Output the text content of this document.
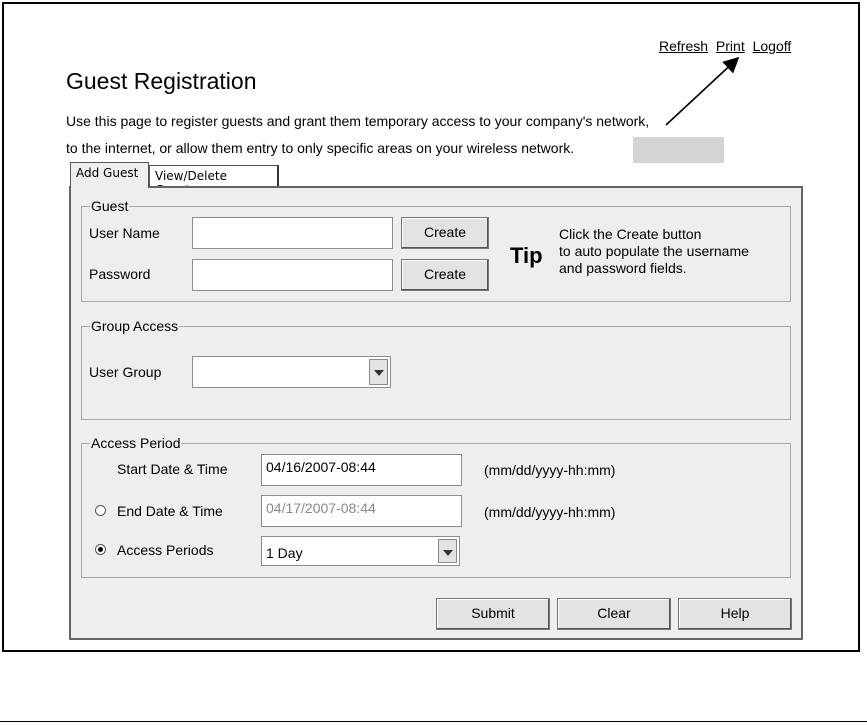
Refresh Print Logoff
Guest Registration
Use this page to register guests and grant them temporary access to your company's network,
to the internet, or allow them entry to only specific areas on your wireless network.
Add Guest	View/Delete
Guest
User Name	Create
Password	Create
Tip
Click the Create button
to auto populate the username
and password fields.
Group Access
User Group
Access Period
Start Date & Time	04/16/2007-08:44	(mm/dd/yyyy-hh:mm)
End Date & Time	04/17/2007-08:44	(mm/dd/yyyy-hh:mm)
Access Periods	1 Day
Submit	Clear	Help
